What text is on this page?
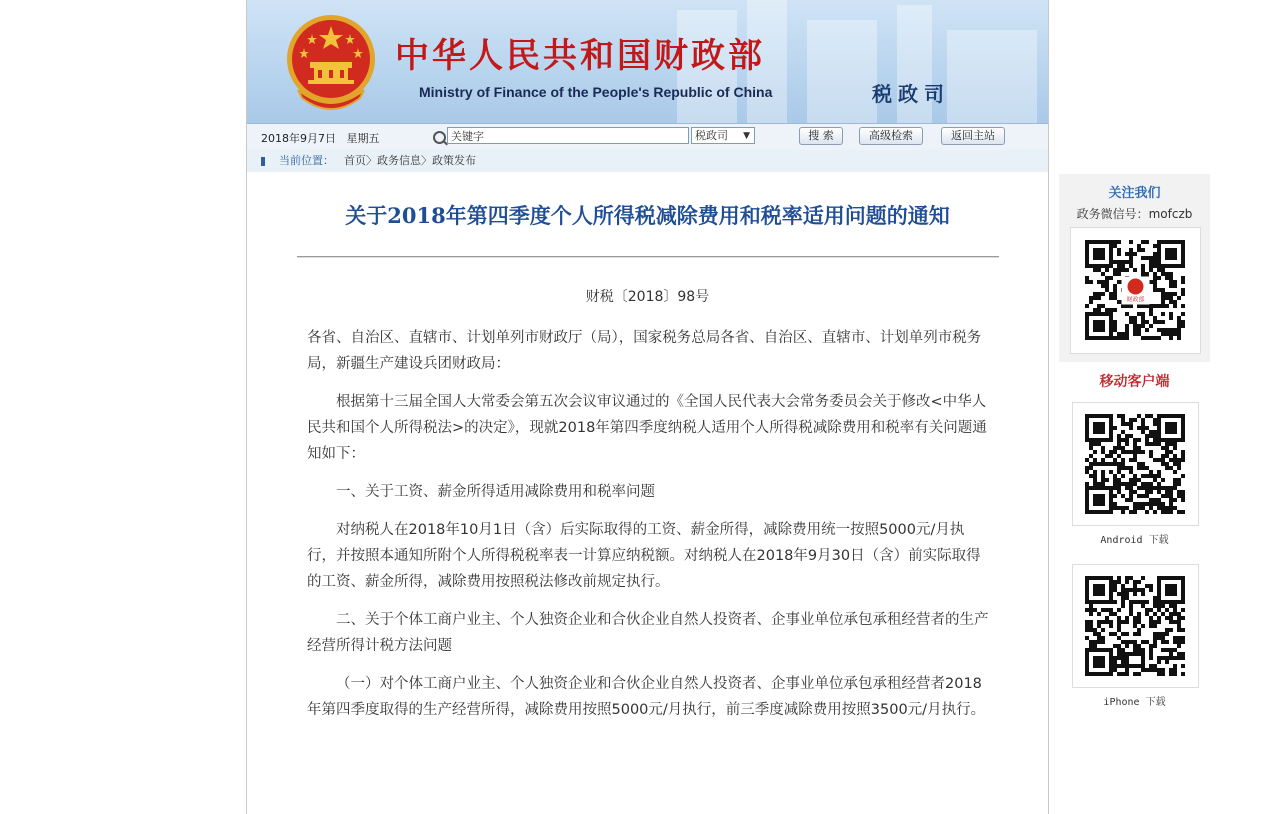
中华人民共和国财政部
Ministry of Finance of the People's Republic of China	税政司
2018年9月7日 星期五
关键字	税政司 ▼	搜 索	高级检索	返回主站
当前位置： 首页〉政务信息〉政策发布
关于2018年第四季度个人所得税减除费用和税率适用问题的通知
财税〔2018〕98号

各省、自治区、直辖市、计划单列市财政厅（局），国家税务总局各省、自治区、直辖市、计划单列市税务局，新疆生产建设兵团财政局：

根据第十三届全国人大常委会第五次会议审议通过的《全国人民代表大会常务委员会关于修改<中华人民共和国个人所得税法>的决定》，现就2018年第四季度纳税人适用个人所得税减除费用和税率有关问题通知如下：

一、关于工资、薪金所得适用减除费用和税率问题

对纳税人在2018年10月1日（含）后实际取得的工资、薪金所得，减除费用统一按照5000元/月执行，并按照本通知所附个人所得税税率表一计算应纳税额。对纳税人在2018年9月30日（含）前实际取得的工资、薪金所得，减除费用按照税法修改前规定执行。

二、关于个体工商户业主、个人独资企业和合伙企业自然人投资者、企事业单位承包承租经营者的生产经营所得计税方法问题

（一）对个体工商户业主、个人独资企业和合伙企业自然人投资者、企事业单位承包承租经营者2018年第四季度取得的生产经营所得，减除费用按照5000元/月执行，前三季度减除费用按照3500元/月执行。

关注我们
政务微信号：mofczb
财政部
移动客户端
Android 下载
iPhone 下载
